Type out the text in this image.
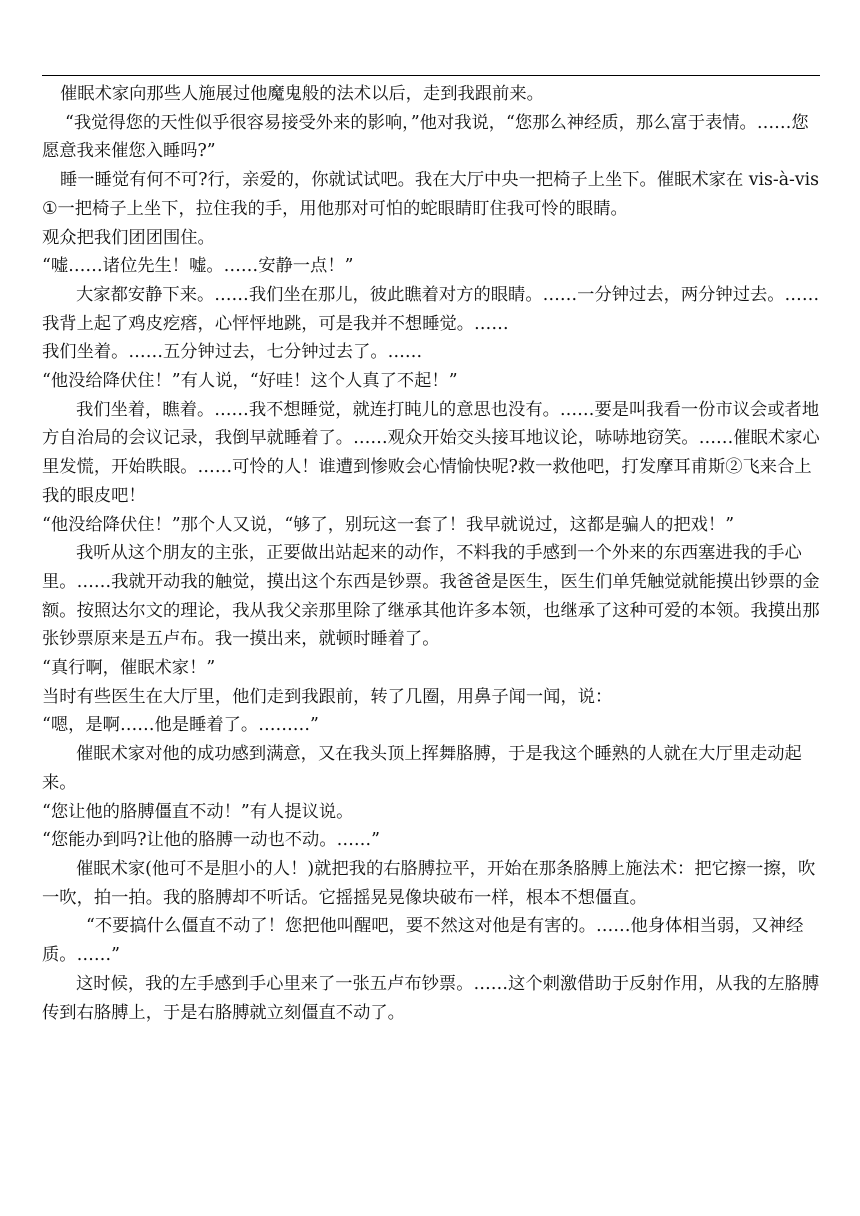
催眠术家向那些人施展过他魔鬼般的法术以后，走到我跟前来。

“我觉得您的天性似乎很容易接受外来的影响，”他对我说，“您那么神经质，那么富于表情。……您愿意我来催您入睡吗?”

睡一睡觉有何不可?行，亲爱的，你就试试吧。我在大厅中央一把椅子上坐下。催眠术家在 vis-à-vis①一把椅子上坐下，拉住我的手，用他那对可怕的蛇眼睛盯住我可怜的眼睛。

观众把我们团团围住。

“嘘……诸位先生！嘘。……安静一点！”

大家都安静下来。……我们坐在那儿，彼此瞧着对方的眼睛。……一分钟过去，两分钟过去。……我背上起了鸡皮疙瘩，心怦怦地跳，可是我并不想睡觉。……

我们坐着。……五分钟过去，七分钟过去了。……

“他没给降伏住！”有人说，“好哇！这个人真了不起！”

我们坐着，瞧着。……我不想睡觉，就连打盹儿的意思也没有。……要是叫我看一份市议会或者地方自治局的会议记录，我倒早就睡着了。……观众开始交头接耳地议论，哧哧地窃笑。……催眠术家心里发慌，开始眣眼。……可怜的人！谁遭到惨败会心情愉快呢?救一救他吧，打发摩耳甫斯②飞来合上我的眼皮吧！

“他没给降伏住！”那个人又说，“够了，别玩这一套了！我早就说过，这都是骗人的把戏！”

我听从这个朋友的主张，正要做出站起来的动作，不料我的手感到一个外来的东西塞进我的手心里。……我就开动我的触觉，摸出这个东西是钞票。我爸爸是医生，医生们单凭触觉就能摸出钞票的金额。按照达尔文的理论，我从我父亲那里除了继承其他许多本领，也继承了这种可爱的本领。我摸出那张钞票原来是五卢布。我一摸出来，就顿时睡着了。

“真行啊，催眠术家！”

当时有些医生在大厅里，他们走到我跟前，转了几圈，用鼻子闻一闻，说：

“嗯，是啊……他是睡着了。………”

催眠术家对他的成功感到满意，又在我头顶上挥舞胳膊，于是我这个睡熟的人就在大厅里走动起来。

“您让他的胳膊僵直不动！”有人提议说。

“您能办到吗?让他的胳膊一动也不动。……”

催眠术家(他可不是胆小的人！)就把我的右胳膊拉平，开始在那条胳膊上施法术：把它擦一擦，吹一吹，拍一拍。我的胳膊却不听话。它摇摇晃晃像块破布一样，根本不想僵直。

“不要搞什么僵直不动了！您把他叫醒吧，要不然这对他是有害的。……他身体相当弱，又神经质。……”

这时候，我的左手感到手心里来了一张五卢布钞票。……这个刺激借助于反射作用，从我的左胳膊传到右胳膊上，于是右胳膊就立刻僵直不动了。
